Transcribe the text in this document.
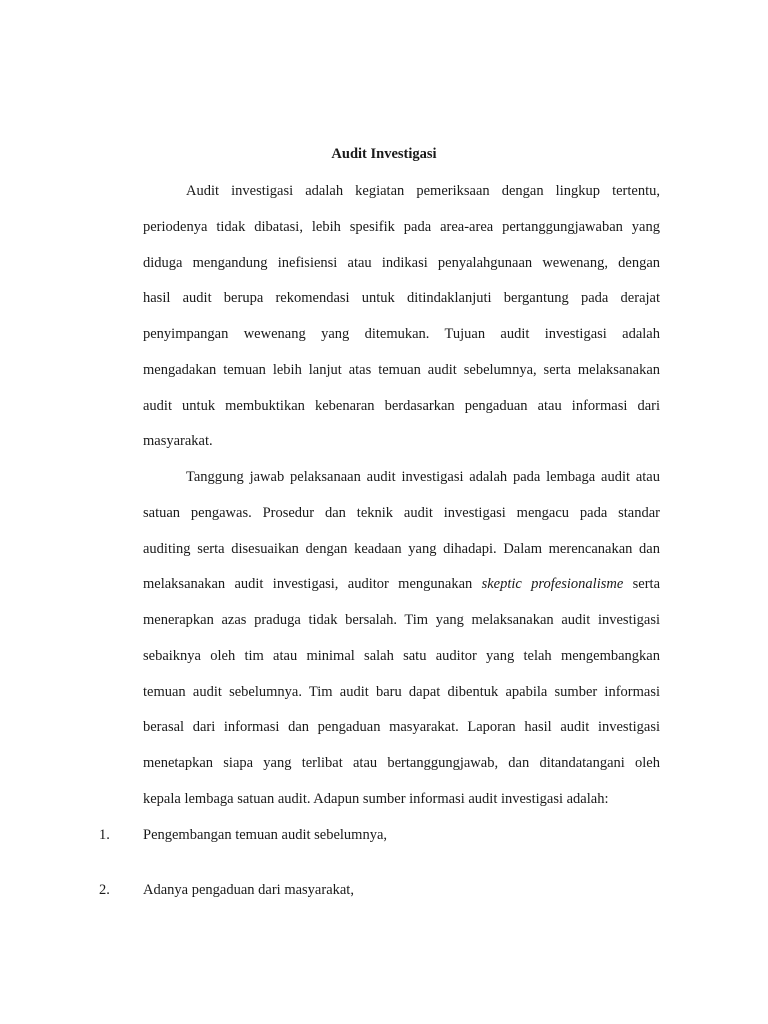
Audit Investigasi
Audit investigasi adalah kegiatan pemeriksaan dengan lingkup tertentu,
periodenya tidak dibatasi, lebih spesifik pada area-area pertanggungjawaban yang
diduga mengandung inefisiensi atau indikasi penyalahgunaan wewenang, dengan
hasil audit berupa rekomendasi untuk ditindaklanjuti bergantung pada derajat
penyimpangan wewenang yang ditemukan. Tujuan audit investigasi adalah
mengadakan temuan lebih lanjut atas temuan audit sebelumnya, serta melaksanakan
audit untuk membuktikan kebenaran berdasarkan pengaduan atau informasi dari
masyarakat.
Tanggung jawab pelaksanaan audit investigasi adalah pada lembaga audit atau
satuan pengawas. Prosedur dan teknik audit investigasi mengacu pada standar
auditing serta disesuaikan dengan keadaan yang dihadapi. Dalam merencanakan dan
melaksanakan audit investigasi, auditor mengunakan skeptic profesionalisme serta
menerapkan azas praduga tidak bersalah. Tim yang melaksanakan audit investigasi
sebaiknya oleh tim atau minimal salah satu auditor yang telah mengembangkan
temuan audit sebelumnya. Tim audit baru dapat dibentuk apabila sumber informasi
berasal dari informasi dan pengaduan masyarakat. Laporan hasil audit investigasi
menetapkan siapa yang terlibat atau bertanggungjawab, dan ditandatangani oleh
kepala lembaga satuan audit. Adapun sumber informasi audit investigasi adalah:
1. Pengembangan temuan audit sebelumnya,
2. Adanya pengaduan dari masyarakat,
